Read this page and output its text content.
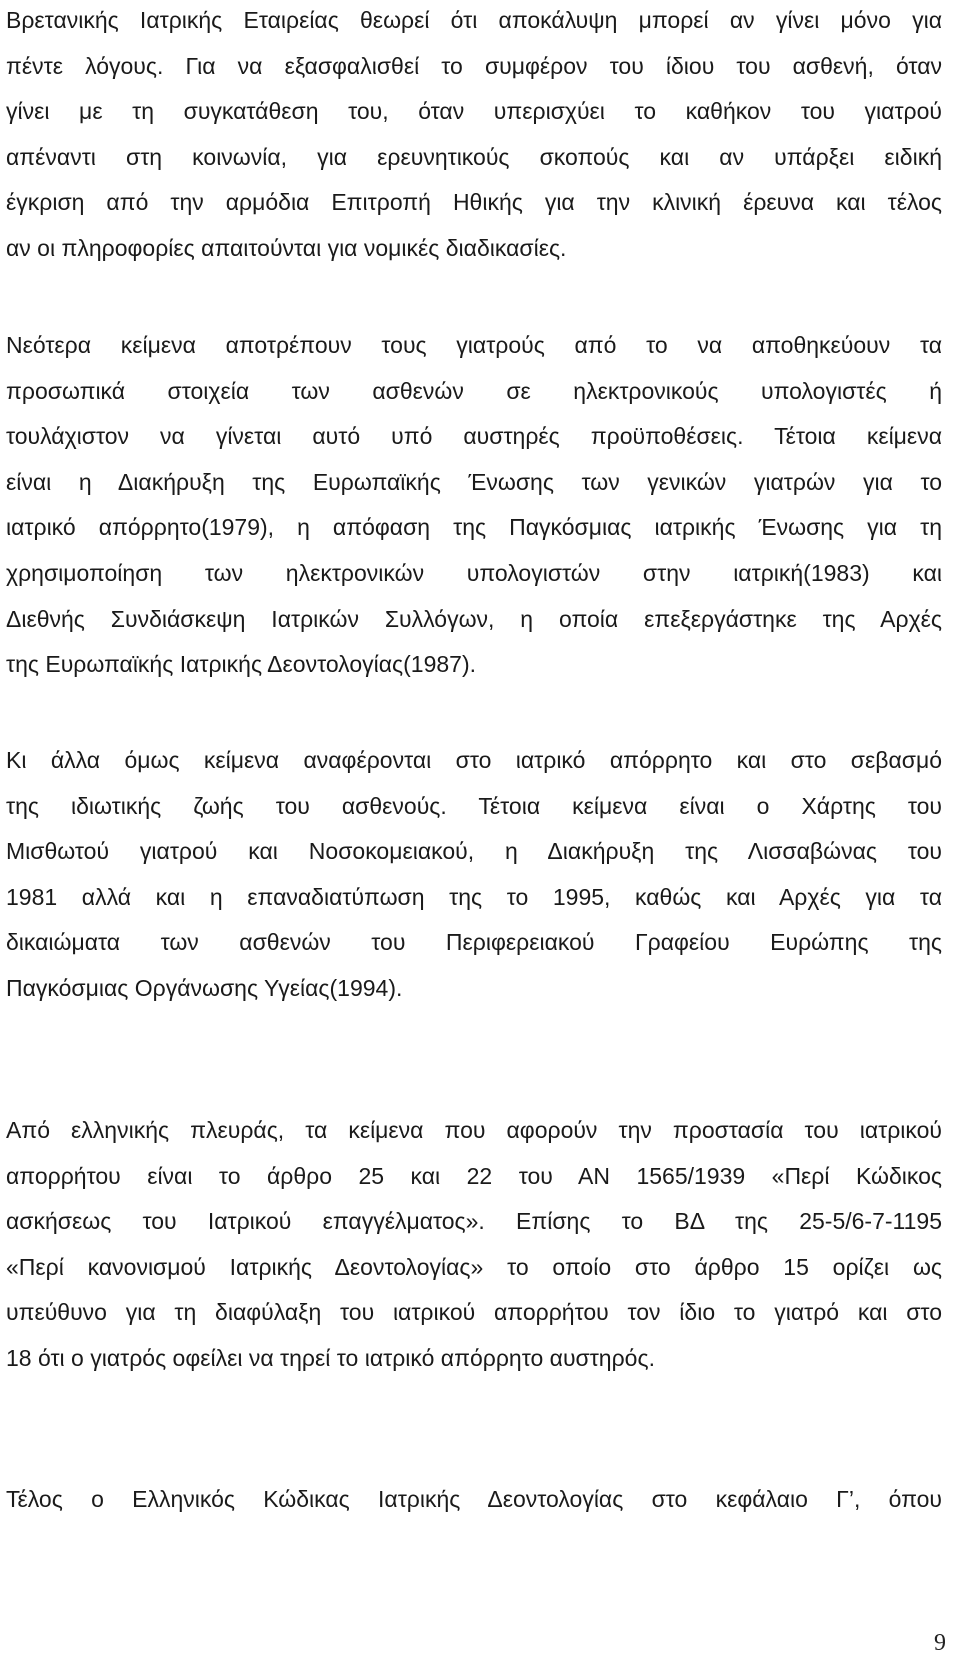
Βρετανικής Ιατρικής Εταιρείας θεωρεί ότι αποκάλυψη μπορεί αν γίνει μόνο για
πέντε λόγους. Για να εξασφαλισθεί το συμφέρον του ίδιου του ασθενή, όταν
γίνει με τη συγκατάθεση του, όταν υπερισχύει το καθήκον του γιατρού
απέναντι στη κοινωνία, για ερευνητικούς σκοπούς και αν υπάρξει ειδική
έγκριση από την αρμόδια Επιτροπή Ηθικής για την κλινική έρευνα και τέλος
αν οι πληροφορίες απαιτούνται για νομικές διαδικασίες.

Νεότερα κείμενα αποτρέπουν τους γιατρούς από το να αποθηκεύουν τα
προσωπικά στοιχεία των ασθενών σε ηλεκτρονικούς υπολογιστές ή
τουλάχιστον να γίνεται αυτό υπό αυστηρές προϋποθέσεις. Τέτοια κείμενα
είναι η Διακήρυξη της Ευρωπαϊκής Ένωσης των γενικών γιατρών για το
ιατρικό απόρρητο(1979), η απόφαση της Παγκόσμιας ιατρικής Ένωσης για τη
χρησιμοποίηση των ηλεκτρονικών υπολογιστών στην ιατρική(1983) και
Διεθνής Συνδιάσκεψη Ιατρικών Συλλόγων, η οποία επεξεργάστηκε της Αρχές
της Ευρωπαϊκής Ιατρικής Δεοντολογίας(1987).

Κι άλλα όμως κείμενα αναφέρονται στο ιατρικό απόρρητο και στο σεβασμό
της ιδιωτικής ζωής του ασθενούς. Τέτοια κείμενα είναι ο Χάρτης του
Μισθωτού γιατρού και Νοσοκομειακού, η Διακήρυξη της Λισσαβώνας του
1981 αλλά και η επαναδιατύπωση της το 1995, καθώς και Αρχές για τα
δικαιώματα των ασθενών του Περιφερειακού Γραφείου Ευρώπης της
Παγκόσμιας Οργάνωσης Υγείας(1994).

Από ελληνικής πλευράς, τα κείμενα που αφορούν την προστασία του ιατρικού
απορρήτου είναι το άρθρο 25 και 22 του ΑΝ 1565/1939 «Περί Κώδικος
ασκήσεως του Ιατρικού επαγγέλματος». Επίσης το ΒΔ της 25-5/6-7-1195
«Περί κανονισμού Ιατρικής Δεοντολογίας» το οποίο στο άρθρο 15 ορίζει ως
υπεύθυνο για τη διαφύλαξη του ιατρικού απορρήτου τον ίδιο το γιατρό και στο
18 ότι ο γιατρός οφείλει να τηρεί το ιατρικό απόρρητο αυστηρός.

Τέλος ο Ελληνικός Κώδικας Ιατρικής Δεοντολογίας στο κεφάλαιο Γ’, όπου

9
